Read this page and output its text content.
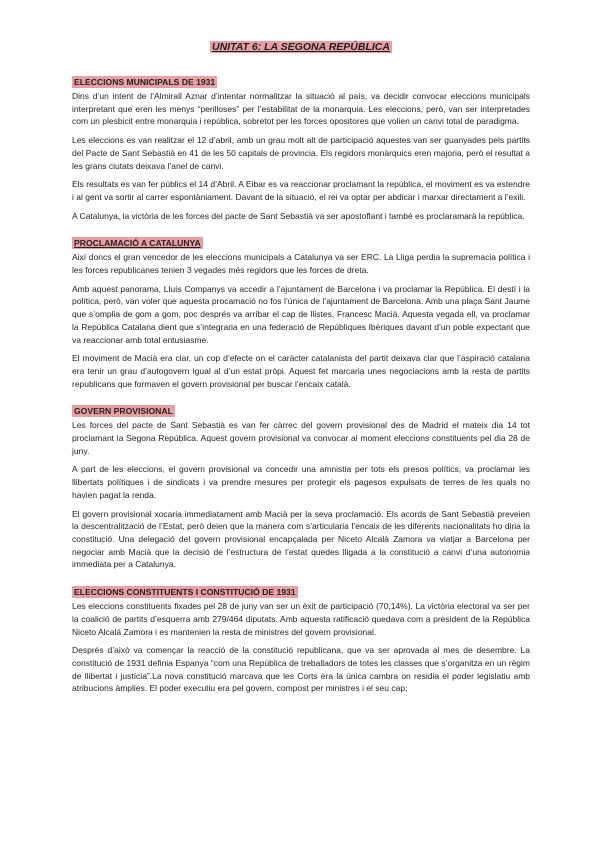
UNITAT 6: LA SEGONA REPÚBLICA
ELECCIONS MUNICIPALS DE 1931

Dins d’un intent de l’Almirall Aznar d’intentar normalitzar la situació al país, va decidir convocar eleccions municipals interpretant que eren les menys “perilloses” per l’estabilitat de la monarquia. Les eleccions, però, van ser interpretades com un plesbicit entre monarquia i república, sobretot per les forces opositores que volien un canvi total de paradigma.

Les eleccions es van realitzar el 12 d’abril, amb un grau molt alt de participació aquestes van ser guanyades pels partits del Pacte de Sant Sebastià en 41 de les 50 capitals de provincia. Els regidors monàrquics eren majoria, però el resultat a les grans ciutats deixava l’anel de canvi.

Els resultats es van fer públics el 14 d’Abril. A Eibar es va reaccionar proclamant la república, el moviment es va estendre i al gent va sortir al carrer espontàniament. Davant de la situació, el rei va optar per abdicar i marxar directament a l’exili.

A Catalunya, la victòria de les forces del pacte de Sant Sebastià va ser apostoflant i també es proclaramarà la república.

PROCLAMACIÓ A CATALUNYA

Així doncs el gran vencedor de les eleccions municipals a Catalunya va ser ERC. La Lliga perdia la supremacia política i les forces republicanes tenien 3 vegades més regidors que les forces de dreta.

Amb aquest panorama, Lluís Companys va accedir a l’ajuntament de Barcelona i va proclamar la República. El destí i la política, però, van voler que aquesta procamació no fos l’única de l’ajuntament de Barcelona. Amb una plaça Sant Jaume que s’omplia de gom a gom, poc després va arribar el cap de llistes, Francesc Macià. Aquesta vegada ell, va proclamar la República Catalana dient que s’integraria en una federació de Repúbliques Ibèriques davant d’un poble expectant que va reaccionar amb total entusiasme.

El moviment de Macià era clar, un cop d’efecte on el caràcter catalanista del partit deixava clar que l’aspiració catalana era tenir un grau d’autogovern igual al d’un estat pròpi. Aquest fet marcaria unes negociacions amb la resta de partits republicans que formaven el govern provisional per buscar l’encaix català.

GOVERN PROVISIONAL

Les forces del pacte de Sant Sebastià es van fer càrrec del govern provisional des de Madrid el mateix dia 14 tot proclamant la Segona República. Aquest govern provisional va convocar al moment eleccions constituents pel dia 28 de juny.

A part de les eleccions, el govern provisional va concedir una amnistia per tots els presos polítics, va proclamar les llibertats polítiques i de sindicats i va prendre mesures per protegir els pagesos expulsats de terres de les quals no havien pagat la renda.

El govern provisional xocaria immediatament amb Macià per la seva proclamació. Els acords de Sant Sebastià preveien la descentralització de l’Estat, però deien que la manera com s’articularia l’encaix de les diferents nacionalitats ho diria la constitució. Una delegació del govern provisional encapçalada per Niceto Alcalà Zamora va viatjar a Barcelona per negociar amb Macià que la decisió de l’estructura de l’estat quedes lligada a la constitució a canvi d’una autonomia immediata per a Catalunya.

ELECCIONS CONSTITUENTS I CONSTITUCIÓ DE 1931

Les eleccions constituents fixades pel 28 de juny van ser un èxit de participació (70,14%). La victòria electoral va ser per la coalició de partits d’esquerra amb 279/464 diputats. Amb aquesta ratificació quedava com a president de la República Niceto Alcalá Zamora i es mantenien la resta de ministres del govern provisional.

Després d’això va començar la reacció de la constitució republicana, que va ser aprovada al mes de desembre. La constitució de 1931 definia Espanya “com una República de treballadors de totes les classes que s’organitza en un règim de llibertat i justícia”.La nova constitució marcava que les Corts era la única cambra on residia el poder legislatiu amb atribucions àmplies. El poder executiu era pel govern, compost per ministres i el seu cap;
